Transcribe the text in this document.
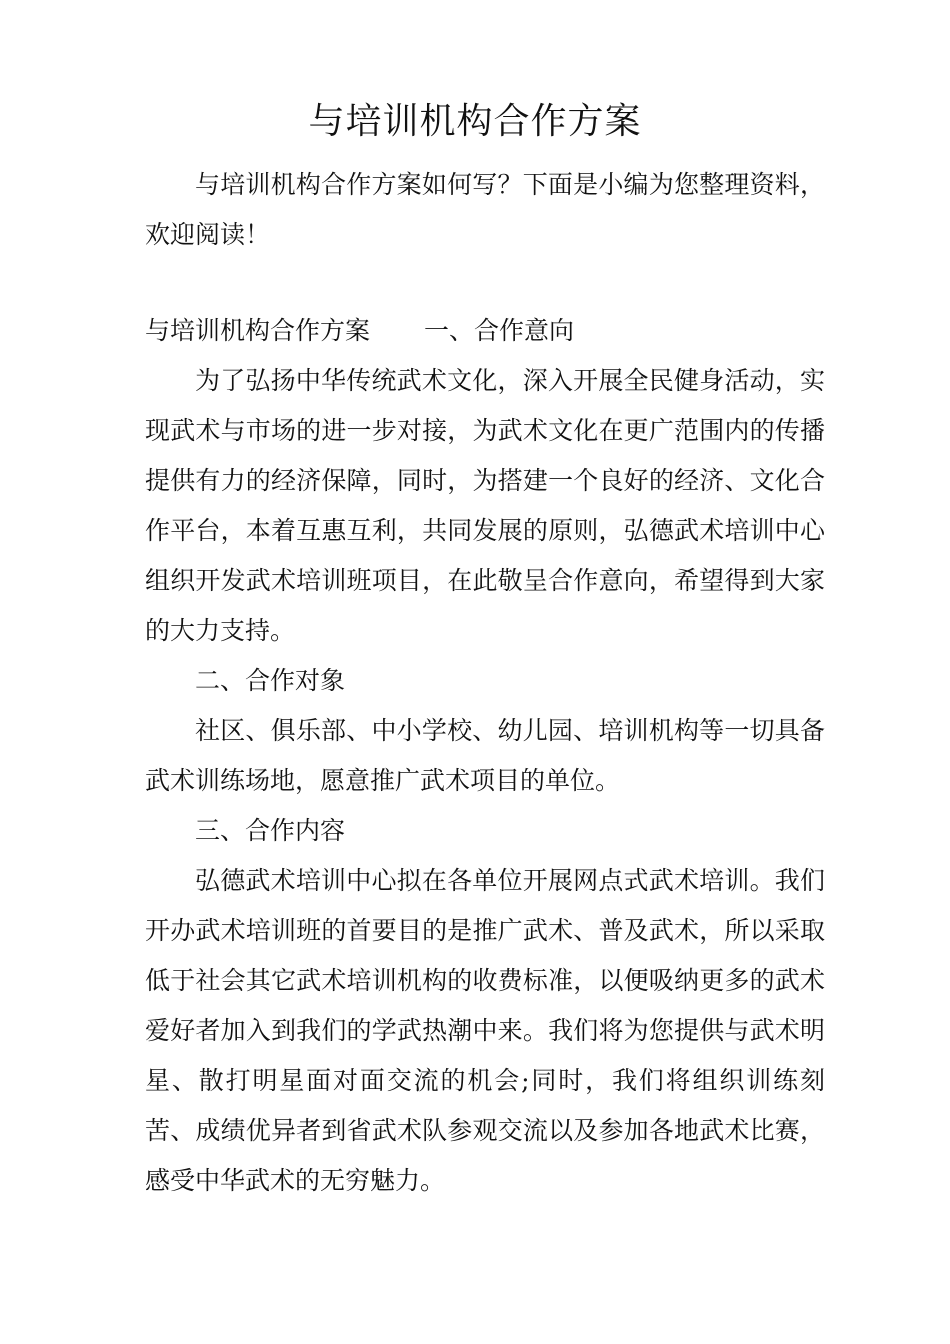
与培训机构合作方案

与培训机构合作方案如何写？下面是小编为您整理资料，欢迎阅读！

与培训机构合作方案 一、合作意向

为了弘扬中华传统武术文化，深入开展全民健身活动，实现武术与市场的进一步对接，为武术文化在更广范围内的传播提供有力的经济保障，同时，为搭建一个良好的经济、文化合作平台，本着互惠互利，共同发展的原则，弘德武术培训中心组织开发武术培训班项目，在此敬呈合作意向，希望得到大家的大力支持。

二、合作对象

社区、俱乐部、中小学校、幼儿园、培训机构等一切具备武术训练场地，愿意推广武术项目的单位。

三、合作内容

弘德武术培训中心拟在各单位开展网点式武术培训。我们开办武术培训班的首要目的是推广武术、普及武术，所以采取低于社会其它武术培训机构的收费标准，以便吸纳更多的武术爱好者加入到我们的学武热潮中来。我们将为您提供与武术明星、散打明星面对面交流的机会;同时，我们将组织训练刻苦、成绩优异者到省武术队参观交流以及参加各地武术比赛，感受中华武术的无穷魅力。
